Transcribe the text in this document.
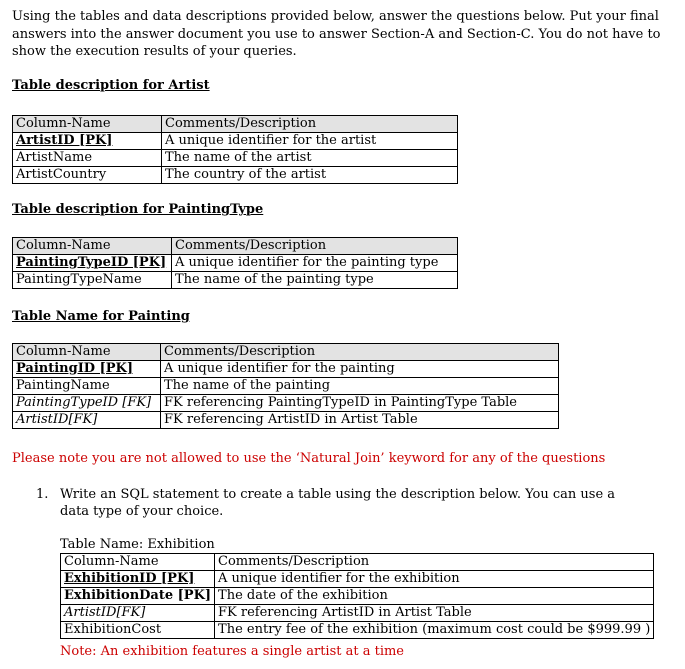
Using the tables and data descriptions provided below, answer the questions below. Put your final answers into the answer document you use to answer Section-A and Section-C. You do not have to show the execution results of your queries.
Table description for Artist
Column-Name	Comments/Description
ArtistID [PK]	A unique identifier for the artist
ArtistName	The name of the artist
ArtistCountry	The country of the artist
Table description for PaintingType
Column-Name	Comments/Description
PaintingTypeID [PK]	A unique identifier for the painting type
PaintingTypeName	The name of the painting type
Table Name for Painting
Column-Name	Comments/Description
PaintingID [PK]	A unique identifier for the painting
PaintingName	The name of the painting
PaintingTypeID [FK]	FK referencing PaintingTypeID in PaintingType Table
ArtistID[FK]	FK referencing ArtistID in Artist Table
Please note you are not allowed to use the ‘Natural Join’ keyword for any of the questions
1. Write an SQL statement to create a table using the description below. You can use a data type of your choice.
Table Name: Exhibition
Column-Name	Comments/Description
ExhibitionID [PK]	A unique identifier for the exhibition
ExhibitionDate [PK]	The date of the exhibition
ArtistID[FK]	FK referencing ArtistID in Artist Table
ExhibitionCost	The entry fee of the exhibition (maximum cost could be $999.99 )
Note: An exhibition features a single artist at a time
